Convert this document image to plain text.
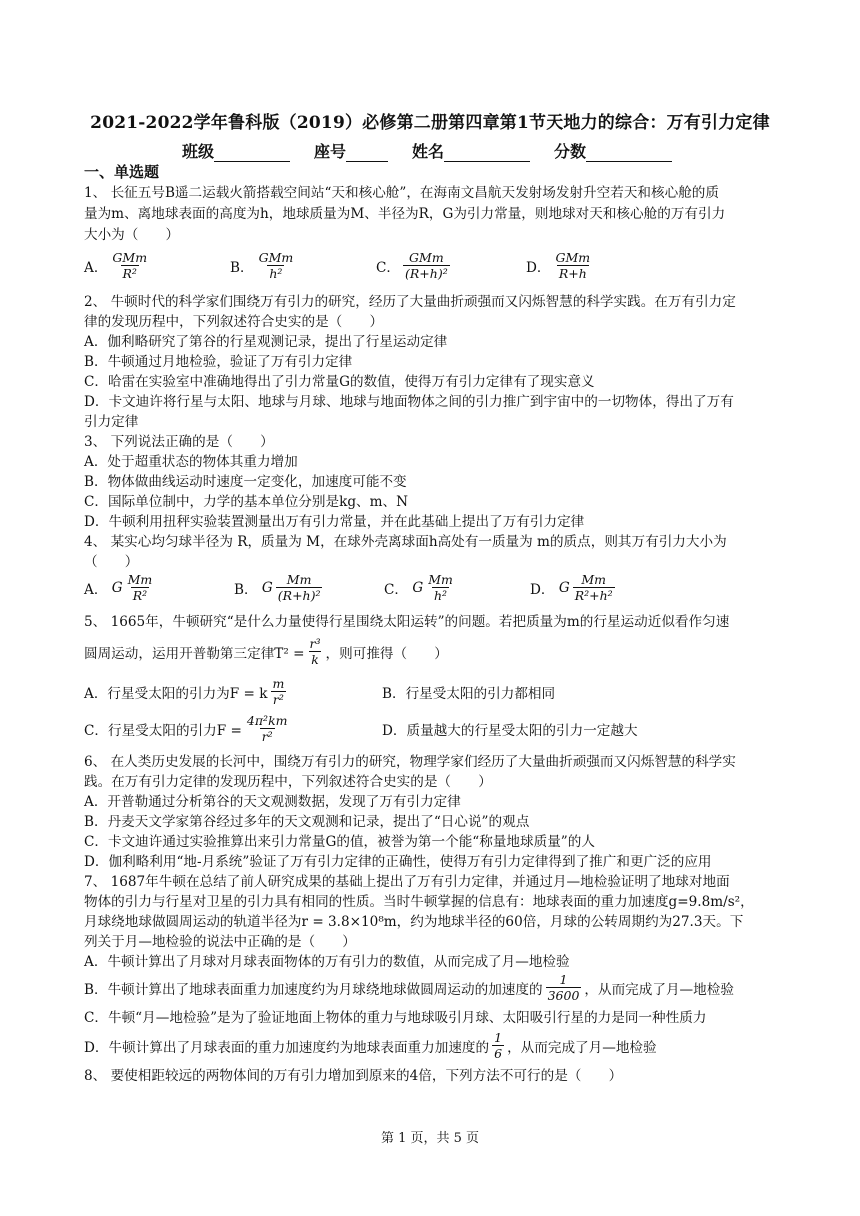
2021-2022学年鲁科版（2019）必修第二册第四章第1节天地力的综合：万有引力定律
班级	座号	姓名	分数
一、单选题
1、 长征五号B遥二运载火箭搭载空间站“天和核心舱”，在海南文昌航天发射场发射升空若天和核心舱的质
量为m、离地球表面的高度为h，地球质量为M、半径为R，G为引力常量，则地球对天和核心舱的万有引力
大小为（　　）
A． $\frac{\text{GMm}}{\text{R²}}$	B． $\frac{\text{GMm}}{\text{h²}}$	C． $\frac{\text{GMm}}{\text{(R+h)²}}$	D． $\frac{\text{GMm}}{R+h}$
2、 牛顿时代的科学家们围绕万有引力的研究，经历了大量曲折顽强而又闪烁智慧的科学实践。在万有引力定
律的发现历程中，下列叙述符合史实的是（　　）
A．伽利略研究了第谷的行星观测记录，提出了行星运动定律
B．牛顿通过月地检验，验证了万有引力定律
C．哈雷在实验室中准确地得出了引力常量G的数值，使得万有引力定律有了现实意义
D．卡文迪许将行星与太阳、地球与月球、地球与地面物体之间的引力推广到宇宙中的一切物体，得出了万有
引力定律
3、 下列说法正确的是（　　）
A．处于超重状态的物体其重力增加
B．物体做曲线运动时速度一定变化，加速度可能不变
C．国际单位制中，力学的基本单位分别是kg、m、N
D．牛顿利用扭秤实验装置测量出万有引力常量，并在此基础上提出了万有引力定律
4、 某实心均匀球半径为 R，质量为 M，在球外壳离球面h高处有一质量为 m的质点，则其万有引力大小为
（　　）
A．
G $\frac{Mm}{\text{R²}}$	B．
G $\frac{Mm}{\text{(R+h)²}}$	C．
G $\frac{Mm}{\text{h²}}$	D．
G $\frac{Mm}{\text{R²+h²}}$
5、 1665年，牛顿研究“是什么力量使得行星围绕太阳运转”的问题。若把质量为m的行星运动近似看作匀速
圆周运动，运用开普勒第三定律$T^2 = \frac{\text{r³}}{k}$ ，则可推得（　　）
A．行星受太阳的引力为F = k $\frac{m}{\text{r²}}$	B．行星受太阳的引力都相同
C．行星受太阳的引力$F = \frac{\text{4π²km}}{\text{r²}}$	D．质量越大的行星受太阳的引力一定越大
6、 在人类历史发展的长河中，围绕万有引力的研究，物理学家们经历了大量曲折顽强而又闪烁智慧的科学实
践。在万有引力定律的发现历程中，下列叙述符合史实的是（　　）
A．开普勒通过分析第谷的天文观测数据，发现了万有引力定律
B．丹麦天文学家第谷经过多年的天文观测和记录，提出了“日心说”的观点
C．卡文迪许通过实验推算出来引力常量G的值，被誉为第一个能“称量地球质量”的人
D．伽利略利用“地-月系统”验证了万有引力定律的正确性，使得万有引力定律得到了推广和更广泛的应用
7、 1687年牛顿在总结了前人研究成果的基础上提出了万有引力定律，并通过月—地检验证明了地球对地面
物体的引力与行星对卫星的引力具有相同的性质。当时牛顿掌握的信息有：地球表面的重力加速度g=9.8m/s²，
月球绕地球做圆周运动的轨道半径为r = 3.8×10⁸m，约为地球半径的60倍，月球的公转周期约为27.3天。下
列关于月—地检验的说法中正确的是（　　）
A．牛顿计算出了月球对月球表面物体的万有引力的数值，从而完成了月—地检验
B．牛顿计算出了地球表面重力加速度约为月球绕地球做圆周运动的加速度的 $\frac{1}{3600}$ ，从而完成了月—地检验
C．牛顿“月—地检验”是为了验证地面上物体的重力与地球吸引月球、太阳吸引行星的力是同一种性质力
D．牛顿计算出了月球表面的重力加速度约为地球表面重力加速度的 $\frac{1}{6}$ ，从而完成了月—地检验
8、 要使相距较远的两物体间的万有引力增加到原来的4倍，下列方法不可行的是（　　）
第 1 页，共 5 页
